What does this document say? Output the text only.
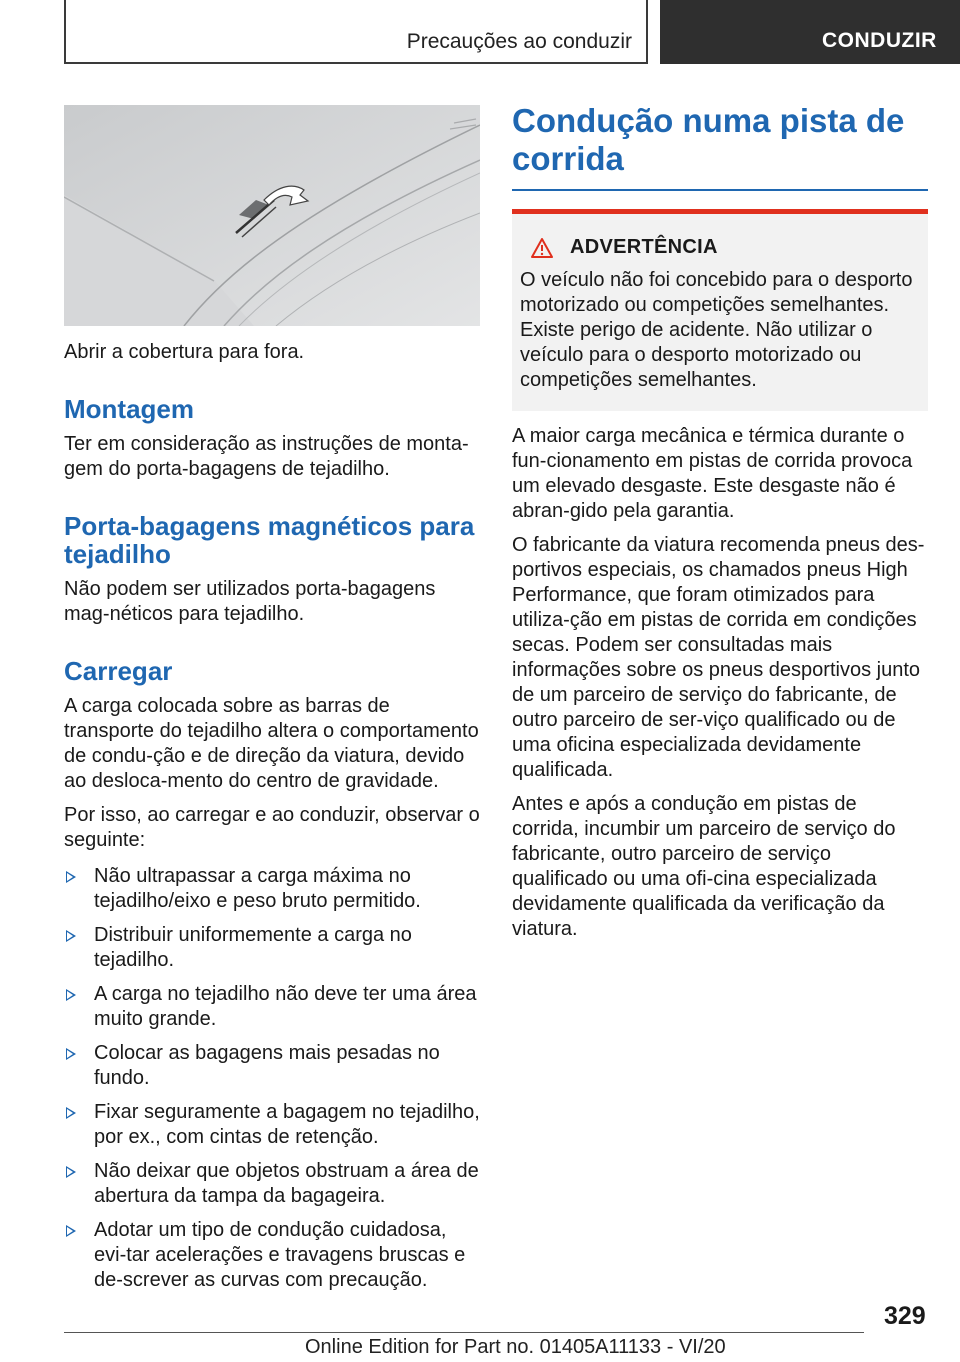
Precauções ao conduzir	CONDUZIR

Abrir a cobertura para fora.

Montagem

Ter em consideração as instruções de monta‐gem do porta-bagagens de tejadilho.

Porta-bagagens magnéticos para tejadilho

Não podem ser utilizados porta-bagagens mag‐néticos para tejadilho.

Carregar

A carga colocada sobre as barras de transporte do tejadilho altera o comportamento de condu‐ção e de direção da viatura, devido ao desloca‐mento do centro de gravidade.

Por isso, ao carregar e ao conduzir, observar o seguinte:

Não ultrapassar a carga máxima no tejadilho/eixo e peso bruto permitido.
Distribuir uniformemente a carga no tejadilho.
A carga no tejadilho não deve ter uma área muito grande.
Colocar as bagagens mais pesadas no fundo.
Fixar seguramente a bagagem no tejadilho, por ex., com cintas de retenção.
Não deixar que objetos obstruam a área de abertura da tampa da bagageira.
Adotar um tipo de condução cuidadosa, evi‐tar acelerações e travagens bruscas e de‐screver as curvas com precaução.
Condução numa pista de corrida
ADVERTÊNCIA

O veículo não foi concebido para o desporto motorizado ou competições semelhantes. Existe perigo de acidente. Não utilizar o veículo para o desporto motorizado ou competições semelhantes.

A maior carga mecânica e térmica durante o fun‐cionamento em pistas de corrida provoca um elevado desgaste. Este desgaste não é abran‐gido pela garantia.

O fabricante da viatura recomenda pneus des‐portivos especiais, os chamados pneus High Performance, que foram otimizados para utiliza‐ção em pistas de corrida em condições secas. Podem ser consultadas mais informações sobre os pneus desportivos junto de um parceiro de serviço do fabricante, de outro parceiro de ser‐viço qualificado ou de uma oficina especializada devidamente qualificada.

Antes e após a condução em pistas de corrida, incumbir um parceiro de serviço do fabricante, outro parceiro de serviço qualificado ou uma ofi‐cina especializada devidamente qualificada da verificação da viatura.

329
Online Edition for Part no. 01405A11133 - VI/20
